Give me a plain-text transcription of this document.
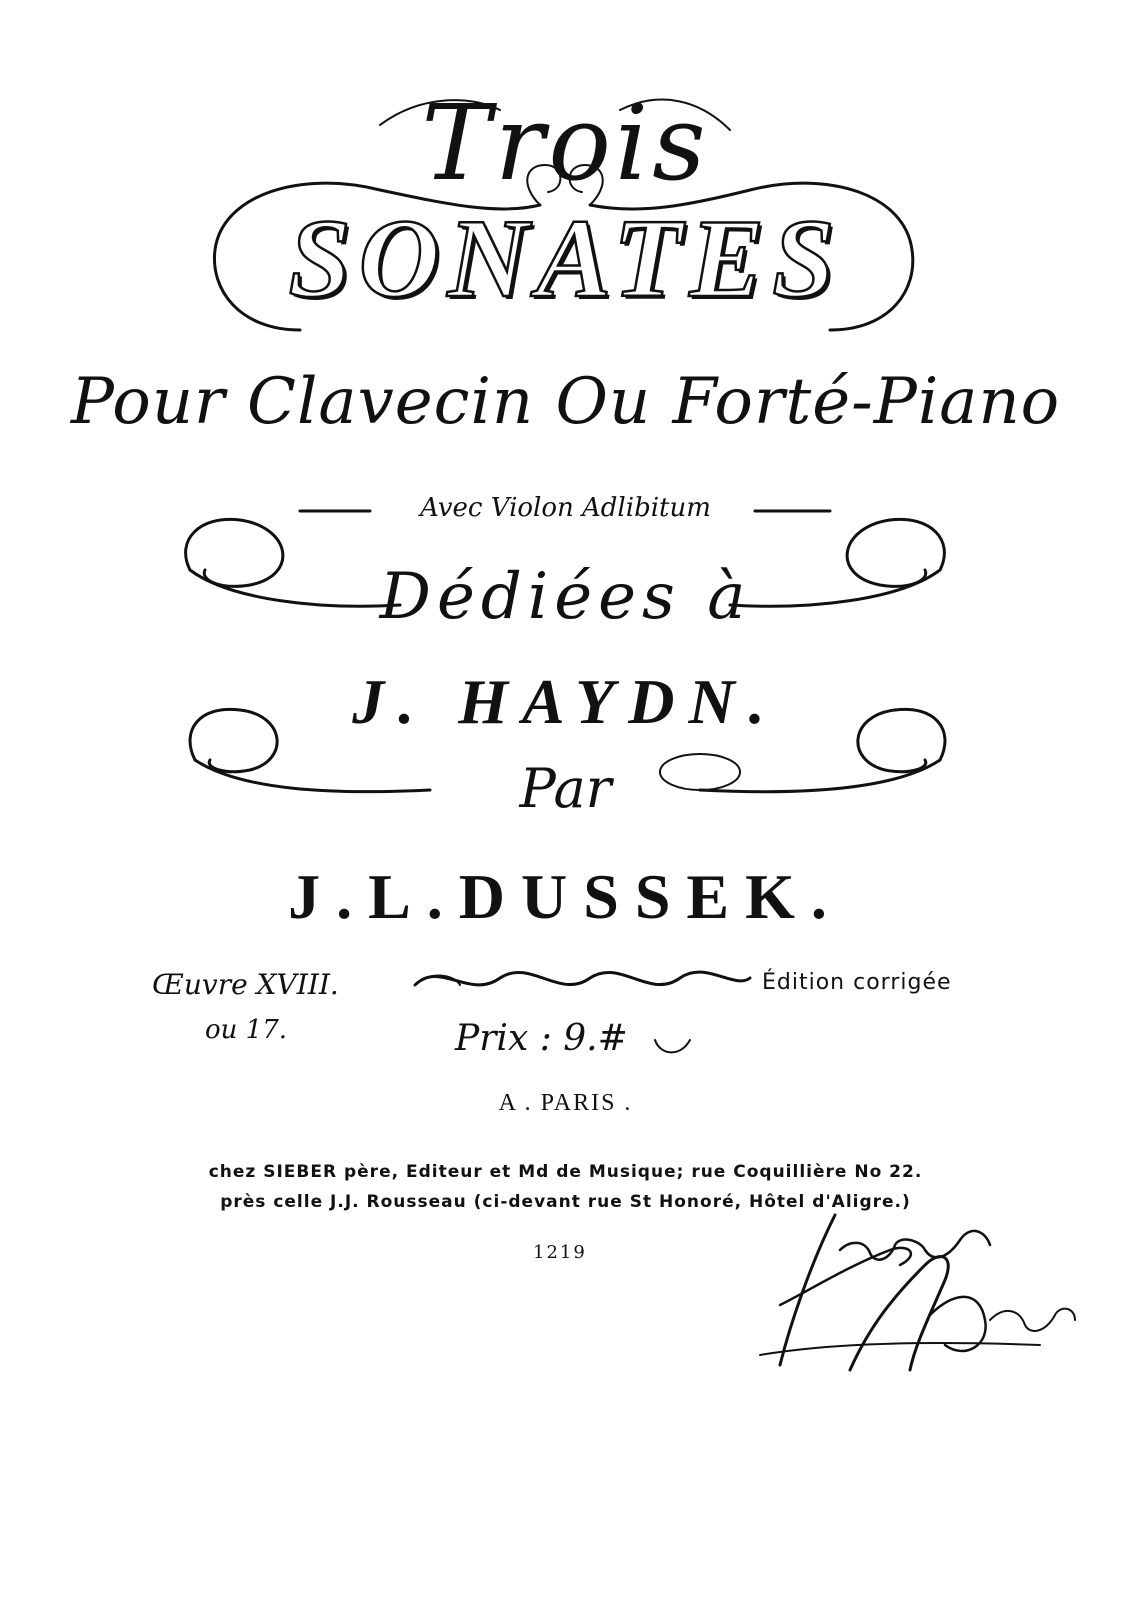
Trois
SONATES
Pour Clavecin Ou Forté-Piano
Avec Violon Adlibitum
Dédiées à
J. HAYDN.
Par
J.L.DUSSEK.
Œuvre XVIII.
ou 17.
Édition corrigée
Prix : 9.#
A . PARIS .
chez SIEBER père, Editeur et Md de Musique; rue Coquillière No 22.
près celle J.J. Rousseau (ci-devant rue St Honoré, Hôtel d'Aligre.)
1219
